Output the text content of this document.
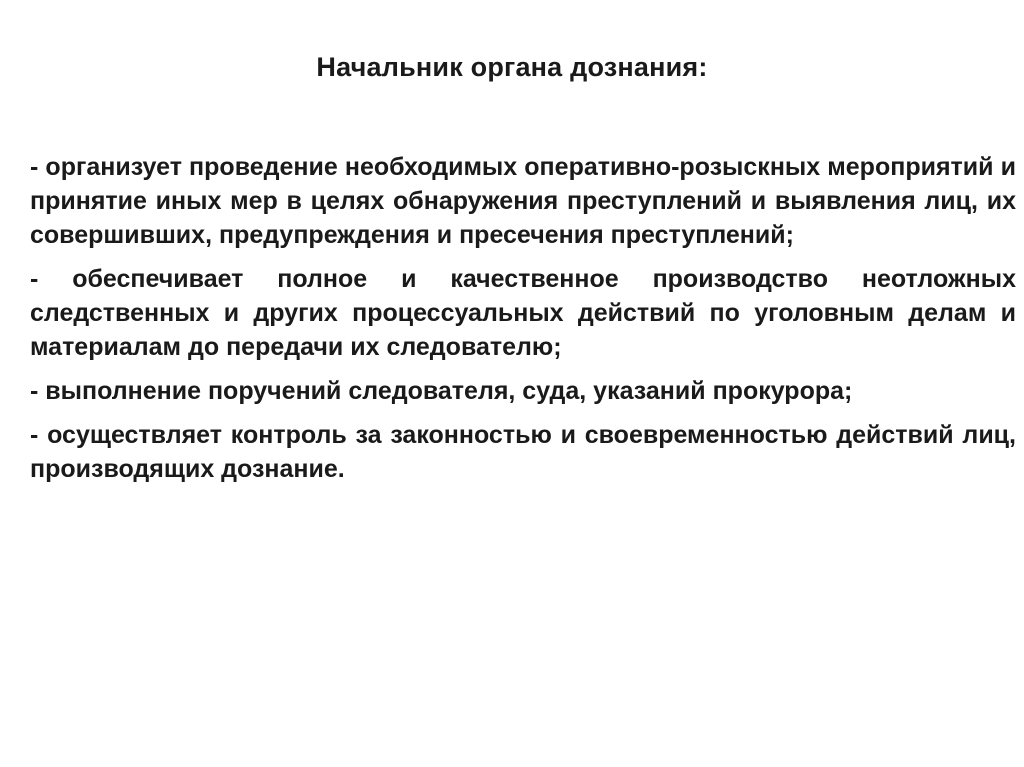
Начальник органа дознания:

- организует проведение необходимых оперативно-розыскных мероприятий и принятие иных мер в целях обнаружения преступлений и выявления лиц, их совершивших, предупреждения и пресечения преступлений;

- обеспечивает полное и качественное производство неотложных следственных и других процессуальных действий по уголовным делам и материалам до передачи их следователю;

- выполнение поручений следователя, суда, указаний прокурора;

- осуществляет контроль за законностью и своевременностью действий лиц, производящих дознание.
